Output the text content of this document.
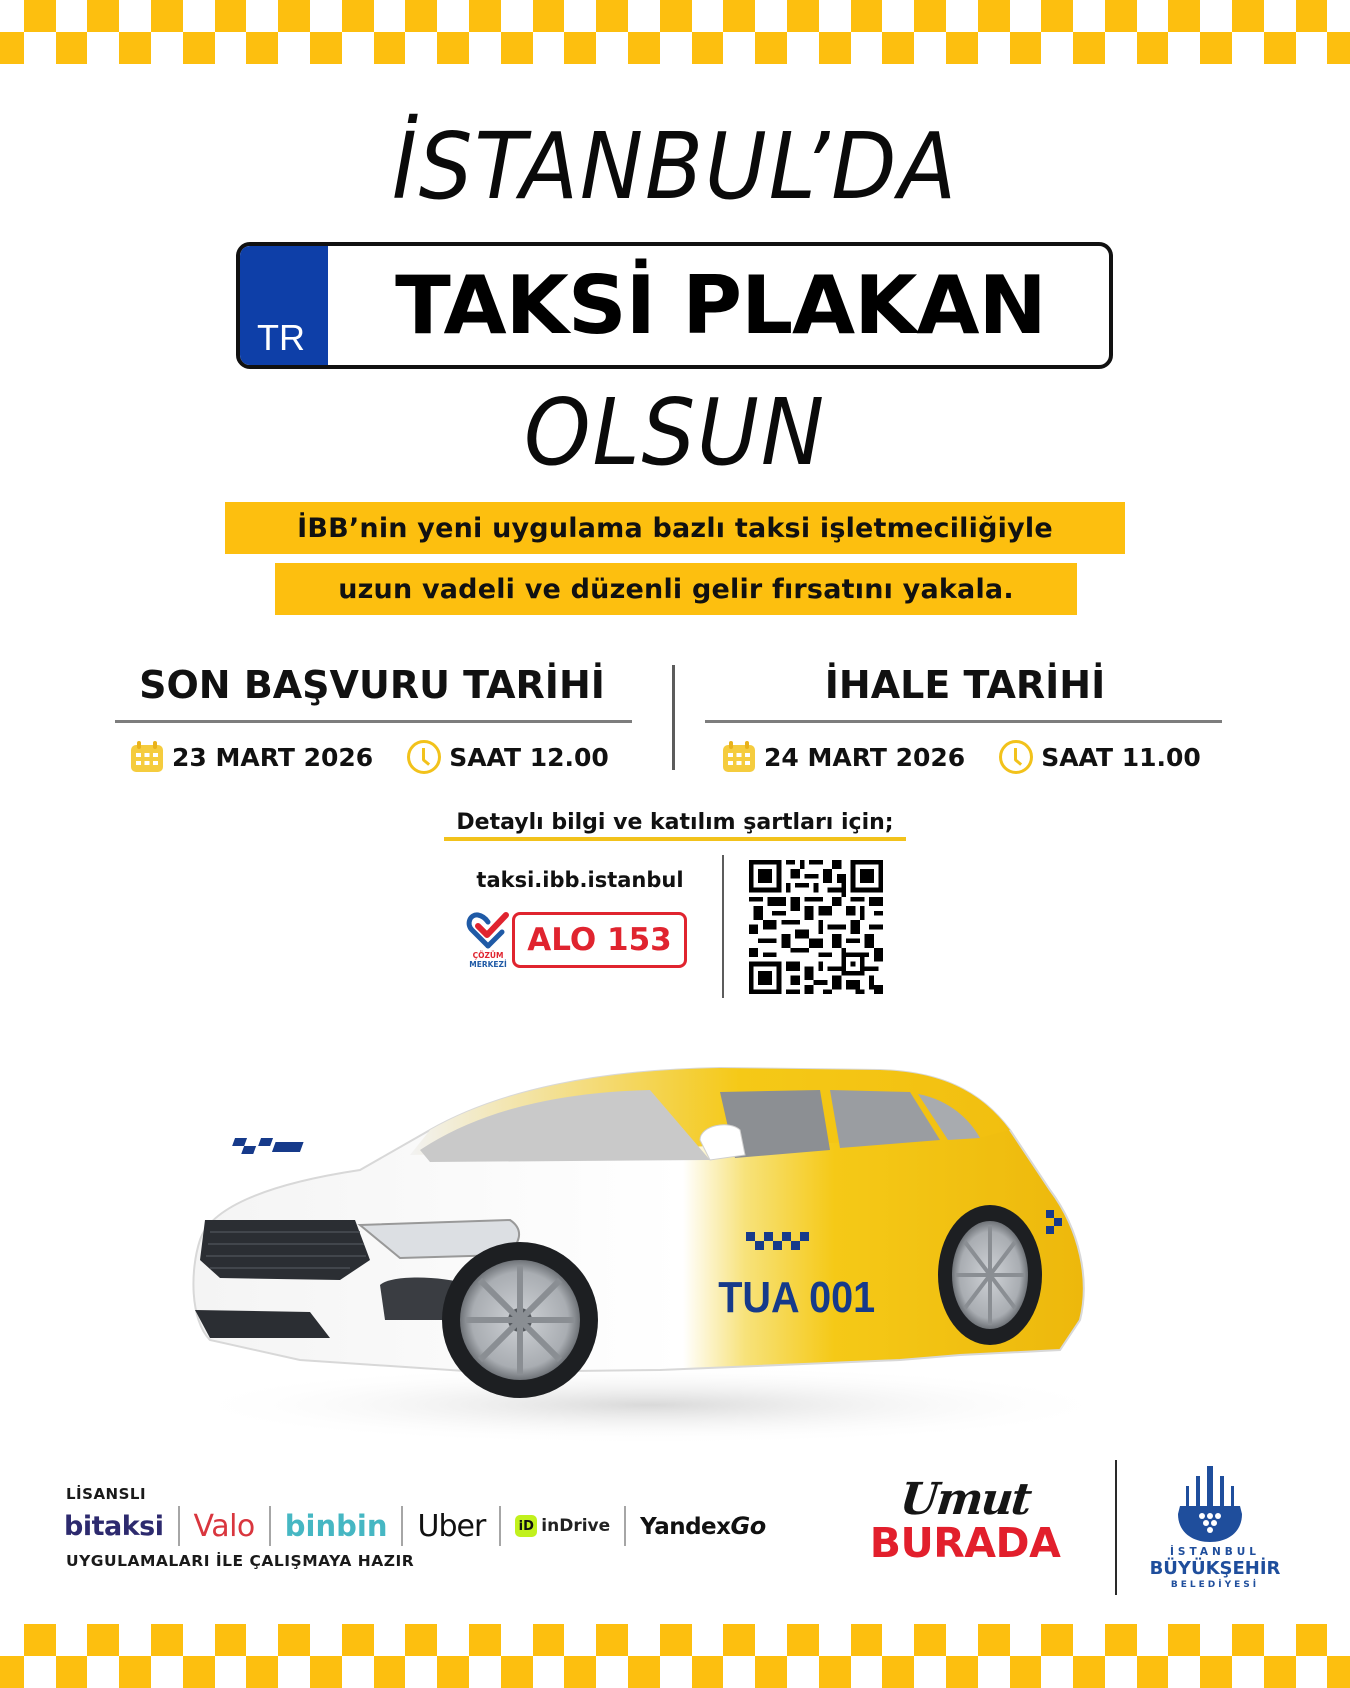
İSTANBUL’DA
TR	TAKSİ PLAKAN
OLSUN
İBB’nin yeni uygulama bazlı taksi işletmeciliğiyle
uzun vadeli ve düzenli gelir fırsatını yakala.
SON BAŞVURU TARİHİ	İHALE TARİHİ
23 MART 2026	SAAT 12.00	24 MART 2026	SAAT 11.00
Detaylı bilgi ve katılım şartları için;
taksi.ibb.istanbul
ÇÖZÜM
MERKEZİ
ALO 153
TUA 001
LİSANSLI
bitaksi Valo binbin Uber	iD inDrive YandexGo
UYGULAMALARI İLE ÇALIŞMAYA HAZIR
Umut
BURADA	İSTANBUL
BÜYÜKŞEHİR
BELEDİYESİ
